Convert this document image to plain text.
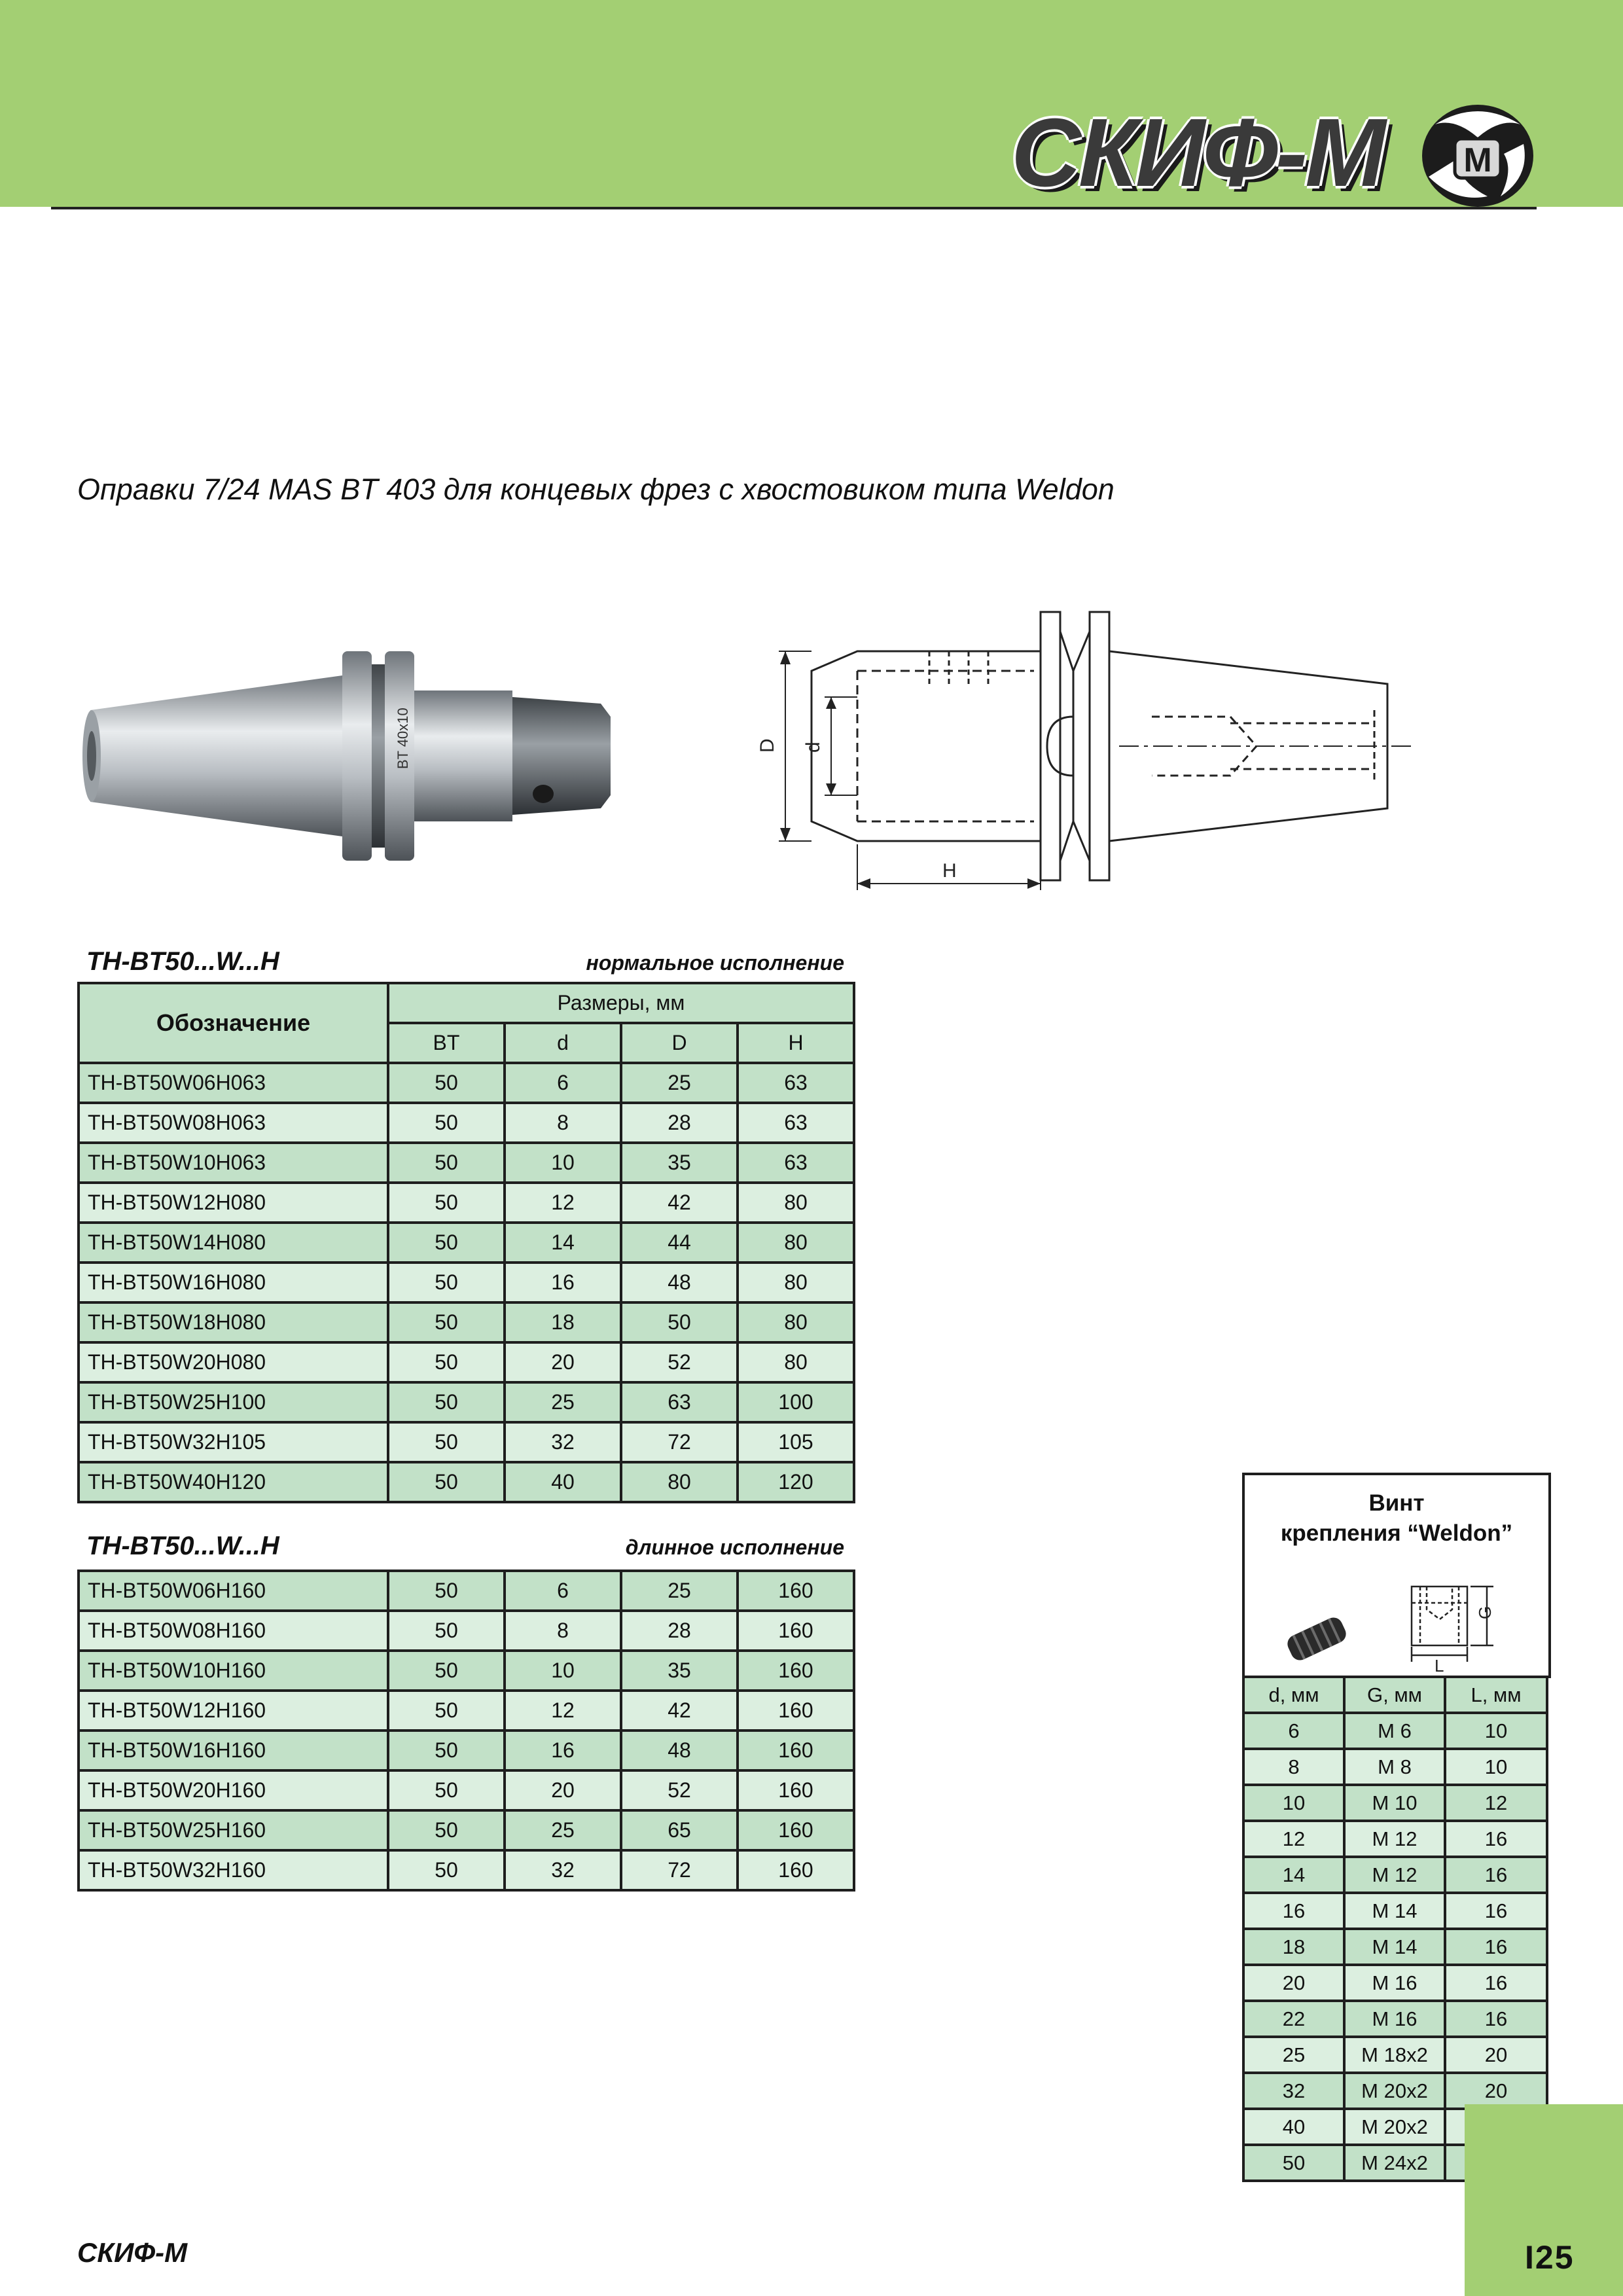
СКИФ-М M
Оправки 7/24 MAS BT 403 для концевых фрез с хвостовиком типа Weldon
BT 40x10	D d
H
TH-BT50...W...H	нормальное исполнение
Обозначение	Размеры, мм			
	BT	d	D	H
TH-BT50W06H063	50	6	25	63
TH-BT50W08H063	50	8	28	63
TH-BT50W10H063	50	10	35	63
TH-BT50W12H080	50	12	42	80
TH-BT50W14H080	50	14	44	80
TH-BT50W16H080	50	16	48	80
TH-BT50W18H080	50	18	50	80
TH-BT50W20H080	50	20	52	80
TH-BT50W25H100	50	25	63	100
TH-BT50W32H105	50	32	72	105
TH-BT50W40H120	50	40	80	120
TH-BT50...W...H	длинное исполнение
TH-BT50W06H160	50	6	25	160
TH-BT50W08H160	50	8	28	160
TH-BT50W10H160	50	10	35	160
TH-BT50W12H160	50	12	42	160
TH-BT50W16H160	50	16	48	160
TH-BT50W20H160	50	20	52	160
TH-BT50W25H160	50	25	65	160
TH-BT50W32H160	50	32	72	160
Винт
крепления “Weldon”
G
L
d, мм	G, мм	L, мм
6	M 6	10
8	M 8	10
10	M 10	12
12	M 12	16
14	M 12	16
16	M 14	16
18	M 14	16
20	M 16	16
22	M 16	16
25	M 18x2	20
32	M 20x2	20
40	M 20x2	
50	M 24x2	
СКИФ-М	I25
